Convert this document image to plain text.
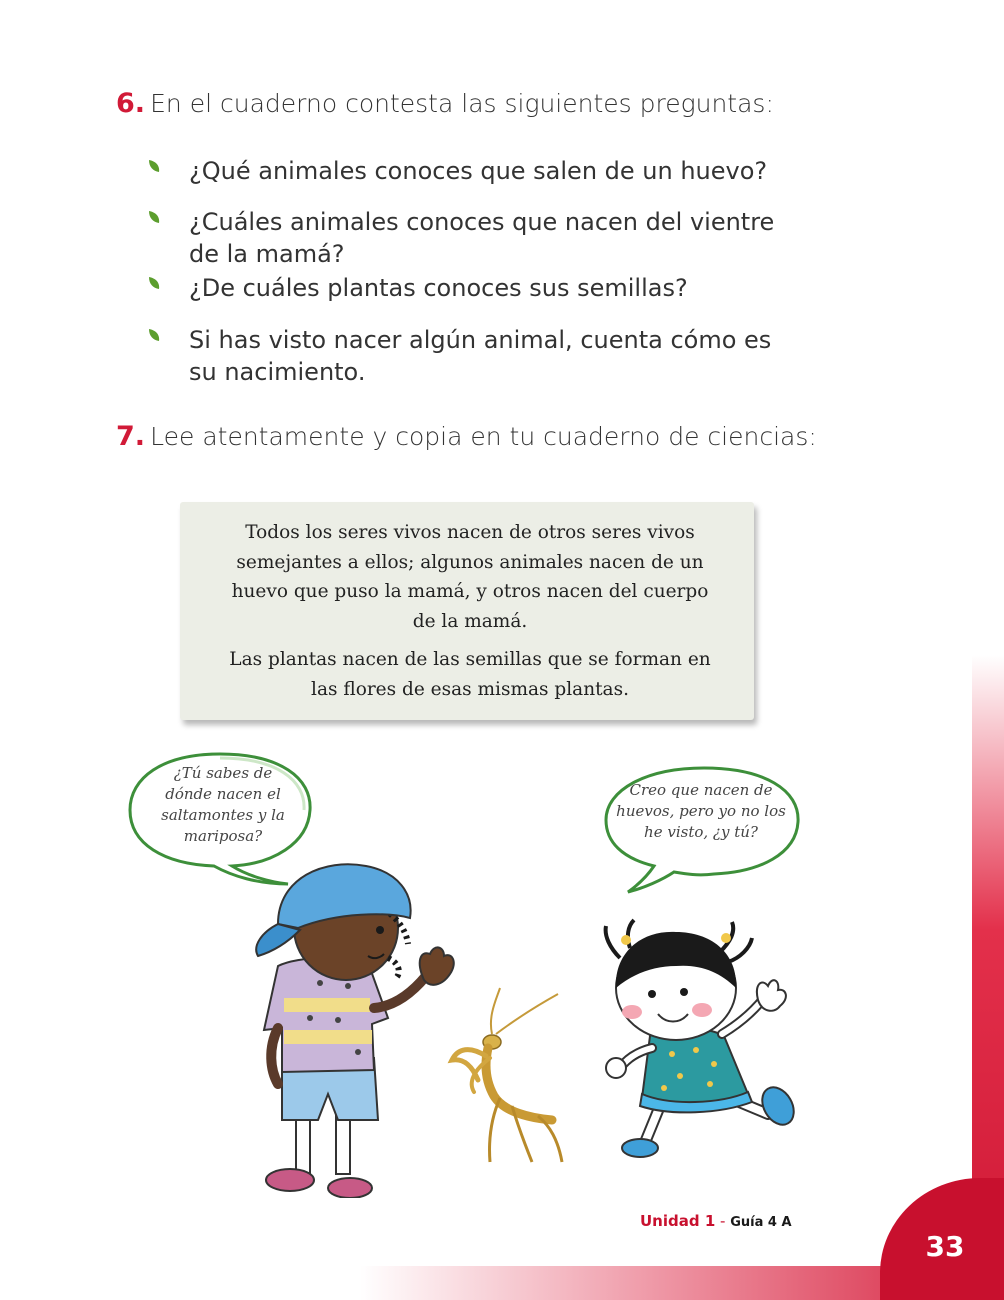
33
Unidad 1 - Guía 4 A
6. En el cuaderno contesta las siguientes preguntas:
¿Qué animales conoces que salen de un huevo?
¿Cuáles animales conoces que nacen del vientre de la mamá?
¿De cuáles plantas conoces sus semillas?
Si has visto nacer algún animal, cuenta cómo es su nacimiento.
7. Lee atentamente y copia en tu cuaderno de ciencias:
Todos los seres vivos nacen de otros seres vivos semejantes a ellos; algunos animales nacen de un huevo que puso la mamá, y otros nacen del cuerpo de la mamá.
Las plantas nacen de las semillas que se forman en las flores de esas mismas plantas.
¿Tú sabes de dónde nacen el saltamontes y la mariposa?
Creo que nacen de huevos, pero yo no los he visto, ¿y tú?
